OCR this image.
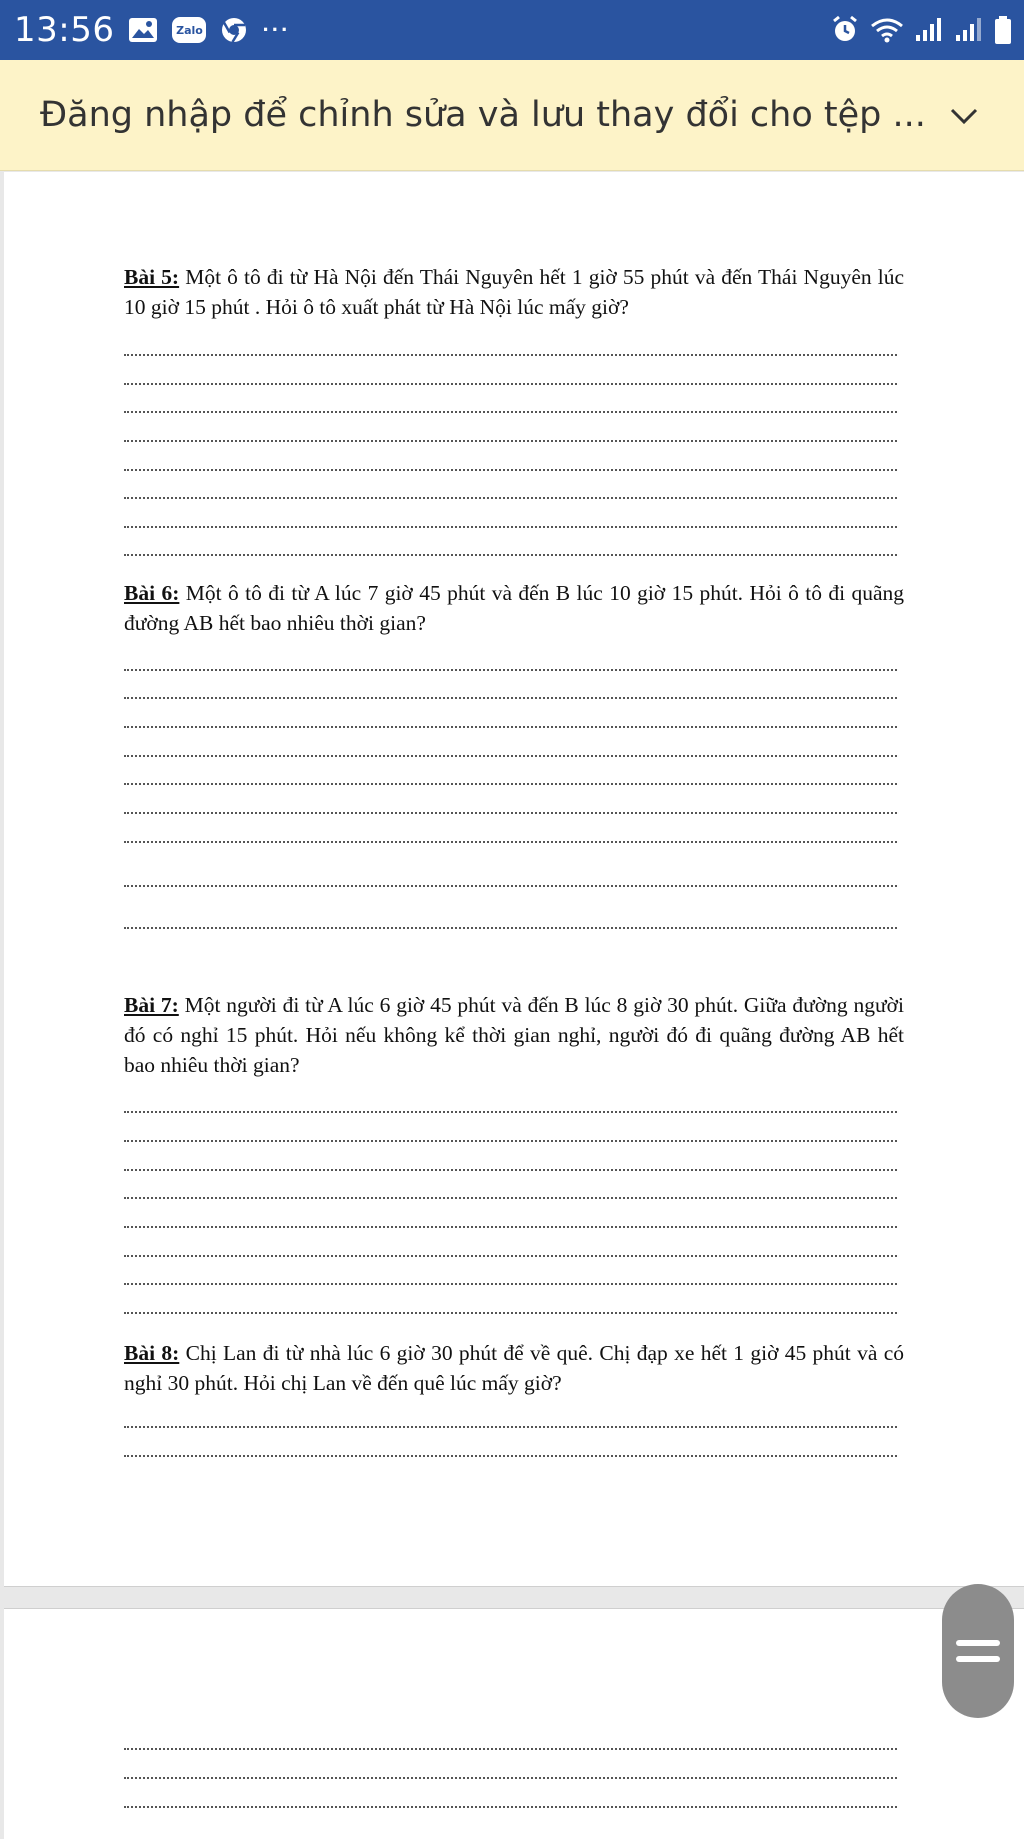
13:56	Zalo	···
Đăng nhập để chỉnh sửa và lưu thay đổi cho tệp ...
Bài 5: Một ô tô đi từ Hà Nội đến Thái Nguyên hết 1 giờ 55 phút và đến Thái Nguyên lúc 10 giờ 15 phút . Hỏi ô tô xuất phát từ Hà Nội lúc mấy giờ?
Bài 6: Một ô tô đi từ A lúc 7 giờ 45 phút và đến B lúc 10 giờ 15 phút. Hỏi ô tô đi quãng đường AB hết bao nhiêu thời gian?
Bài 7: Một người đi từ A lúc 6 giờ 45 phút và đến B lúc 8 giờ 30 phút. Giữa đường người đó có nghỉ 15 phút. Hỏi nếu không kể thời gian nghỉ, người đó đi quãng đường AB hết bao nhiêu thời gian?
Bài 8: Chị Lan đi từ nhà lúc 6 giờ 30 phút để về quê. Chị đạp xe hết 1 giờ 45 phút và có nghỉ 30 phút. Hỏi chị Lan về đến quê lúc mấy giờ?
